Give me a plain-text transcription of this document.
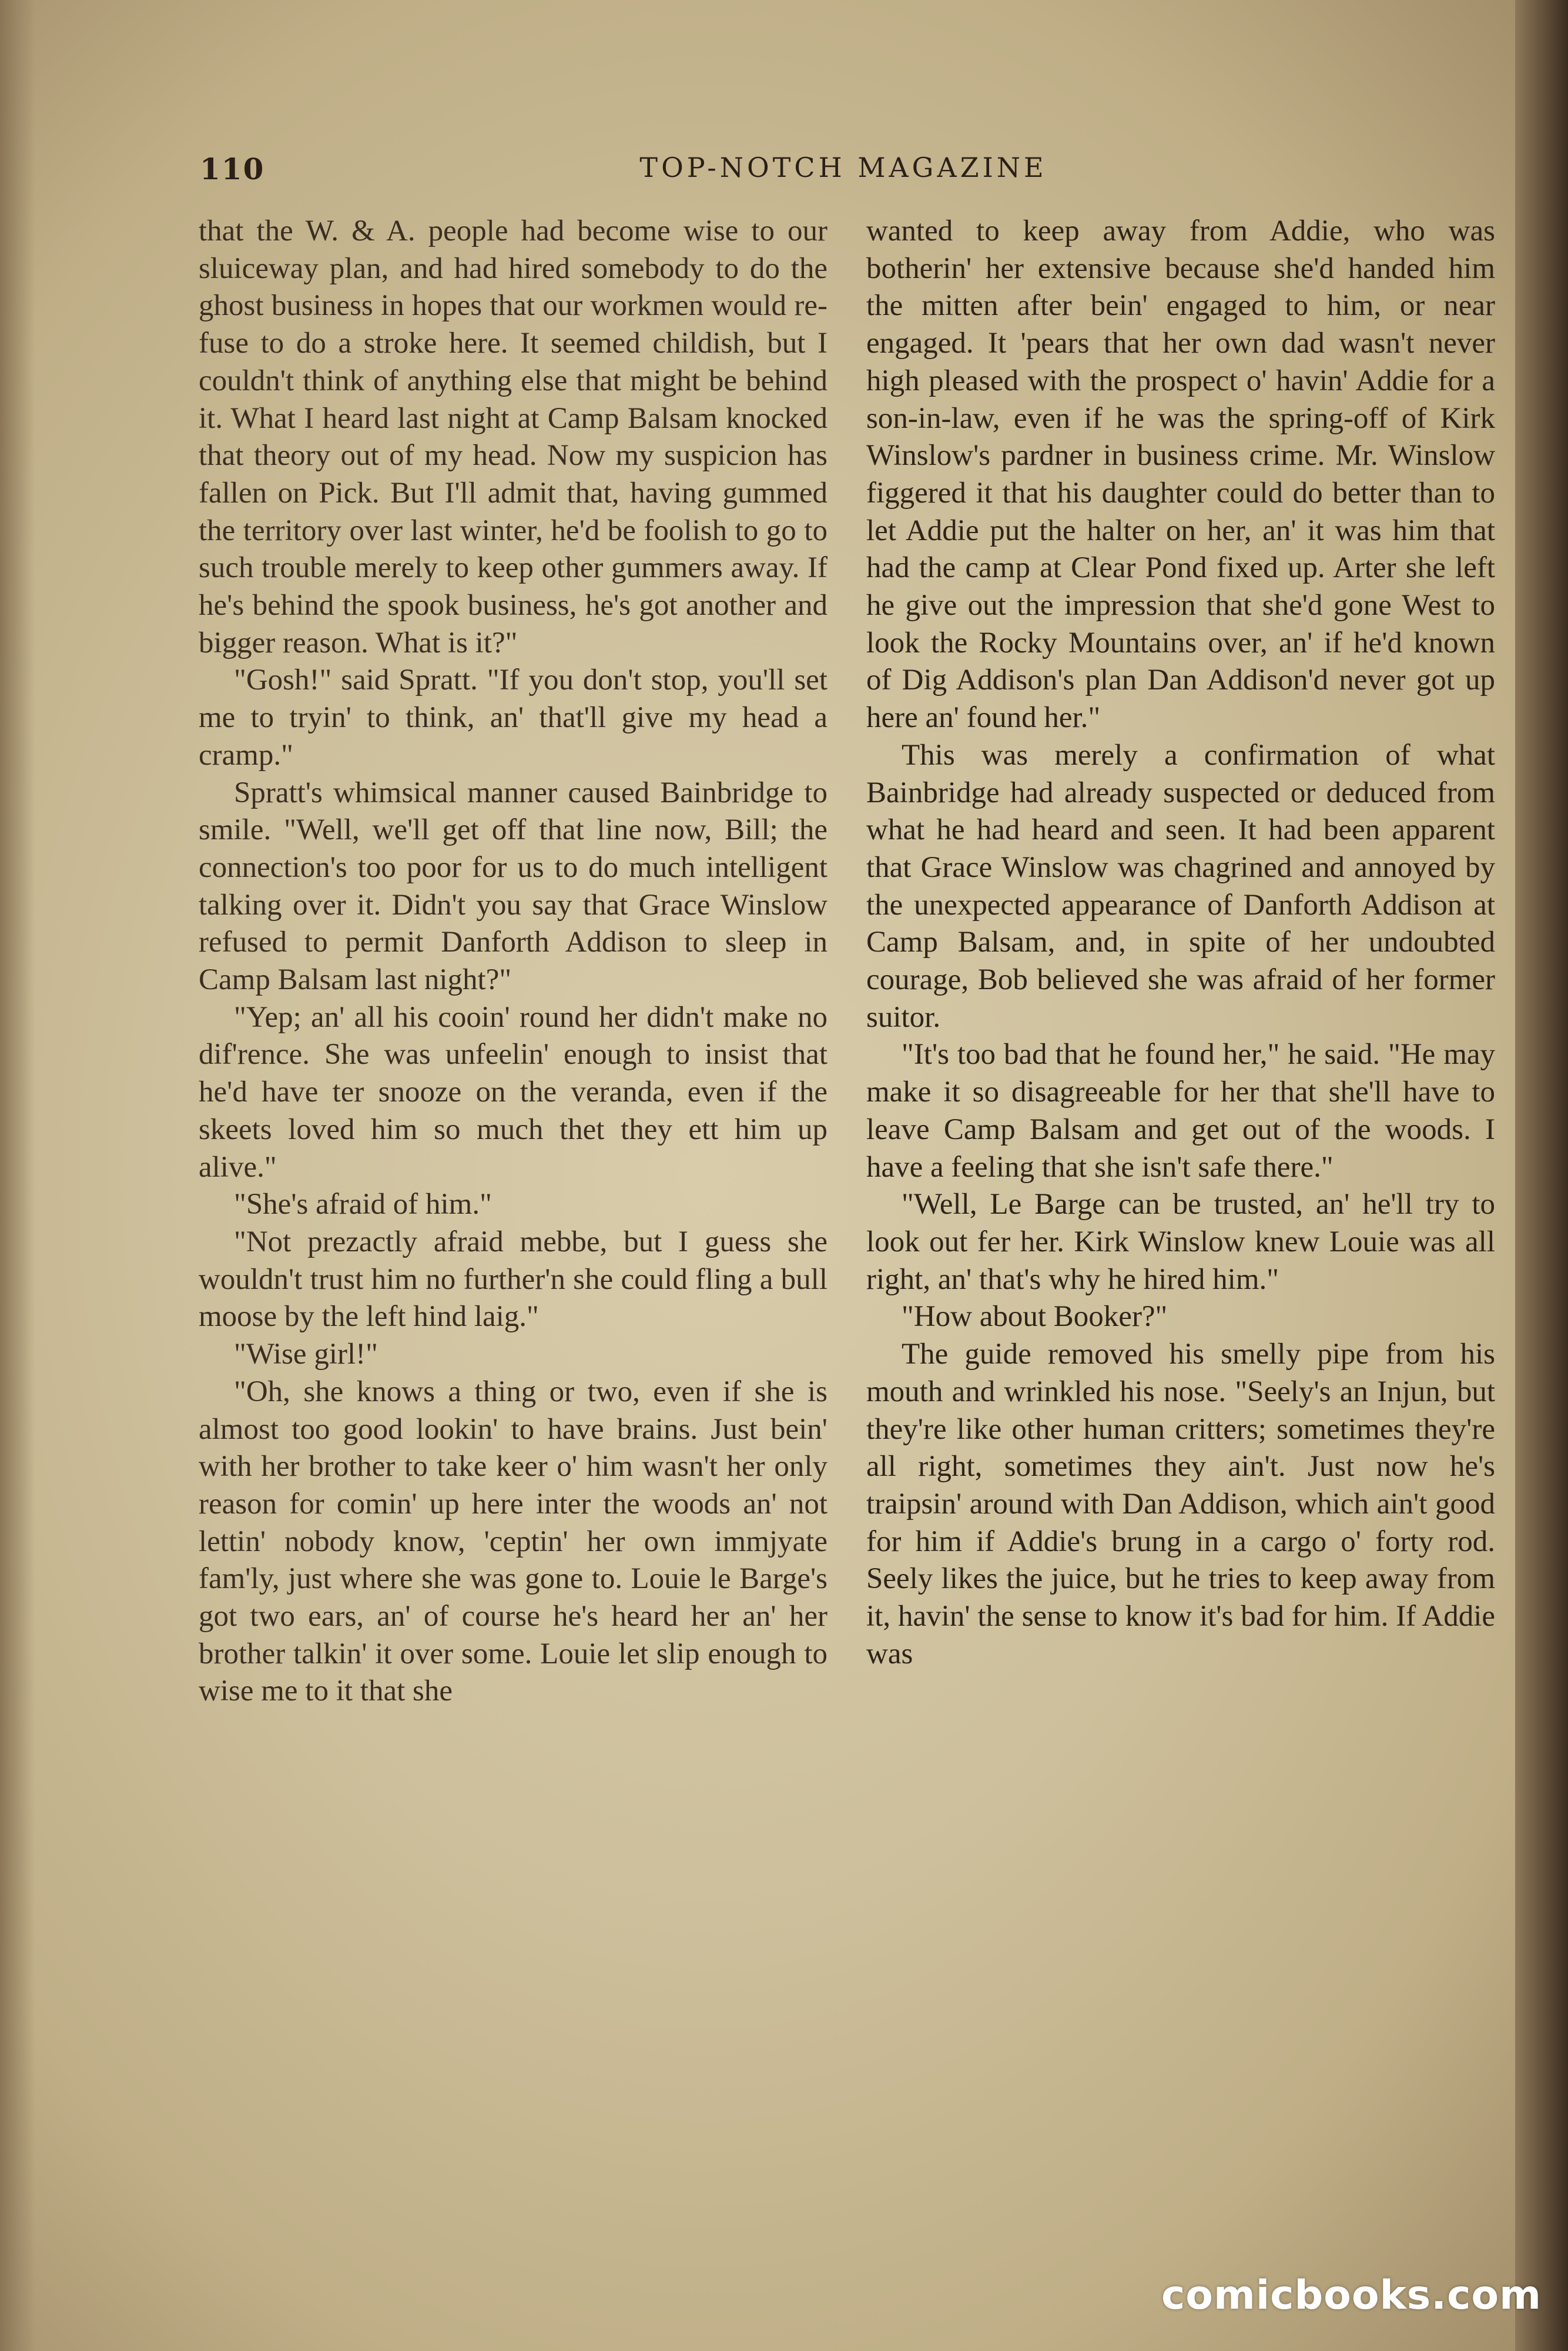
110	TOP-NOTCH MAGAZINE

that the W. & A. people had become wise to our sluiceway plan, and had hired somebody to do the ghost business in hopes that our workmen would refuse to do a stroke here. It seemed childish, but I couldn't think of anything else that might be behind it. What I heard last night at Camp Balsam knocked that theory out of my head. Now my suspicion has fallen on Pick. But I'll admit that, having gummed the territory over last winter, he'd be foolish to go to such trouble merely to keep other gummers away. If he's behind the spook business, he's got another and bigger reason. What is it?"

"Gosh!" said Spratt. "If you don't stop, you'll set me to tryin' to think, an' that'll give my head a cramp."

Spratt's whimsical manner caused Bainbridge to smile. "Well, we'll get off that line now, Bill; the connection's too poor for us to do much intelligent talking over it. Didn't you say that Grace Winslow refused to permit Danforth Addison to sleep in Camp Balsam last night?"

"Yep; an' all his cooin' round her didn't make no dif'rence. She was unfeelin' enough to insist that he'd have ter snooze on the veranda, even if the skeets loved him so much thet they ett him up alive."

"She's afraid of him."

"Not prezactly afraid mebbe, but I guess she wouldn't trust him no further'n she could fling a bull moose by the left hind laig."

"Wise girl!"

"Oh, she knows a thing or two, even if she is almost too good lookin' to have brains. Just bein' with her brother to take keer o' him wasn't her only reason for comin' up here inter the woods an' not lettin' nobody know, 'ceptin' her own immjyate fam'ly, just where she was gone to. Louie le Barge's got two ears, an' of course he's heard her an' her brother talkin' it over some. Louie let slip enough to wise me to it that she

wanted to keep away from Addie, who was botherin' her extensive because she'd handed him the mitten after bein' engaged to him, or near engaged. It 'pears that her own dad wasn't never high pleased with the prospect o' havin' Addie for a son-in-law, even if he was the spring-off of Kirk Winslow's pardner in business crime. Mr. Winslow figgered it that his daughter could do better than to let Addie put the halter on her, an' it was him that had the camp at Clear Pond fixed up. Arter she left he give out the impression that she'd gone West to look the Rocky Mountains over, an' if he'd known of Dig Addison's plan Dan Addison'd never got up here an' found her."

This was merely a confirmation of what Bainbridge had already suspected or deduced from what he had heard and seen. It had been apparent that Grace Winslow was chagrined and annoyed by the unexpected appearance of Danforth Addison at Camp Balsam, and, in spite of her undoubted courage, Bob believed she was afraid of her former suitor.

"It's too bad that he found her," he said. "He may make it so disagreeable for her that she'll have to leave Camp Balsam and get out of the woods. I have a feeling that she isn't safe there."

"Well, Le Barge can be trusted, an' he'll try to look out fer her. Kirk Winslow knew Louie was all right, an' that's why he hired him."

"How about Booker?"

The guide removed his smelly pipe from his mouth and wrinkled his nose. "Seely's an Injun, but they're like other human critters; sometimes they're all right, sometimes they ain't. Just now he's traipsin' around with Dan Addison, which ain't good for him if Addie's brung in a cargo o' forty rod. Seely likes the juice, but he tries to keep away from it, havin' the sense to know it's bad for him. If Addie was

comicbooks.com
